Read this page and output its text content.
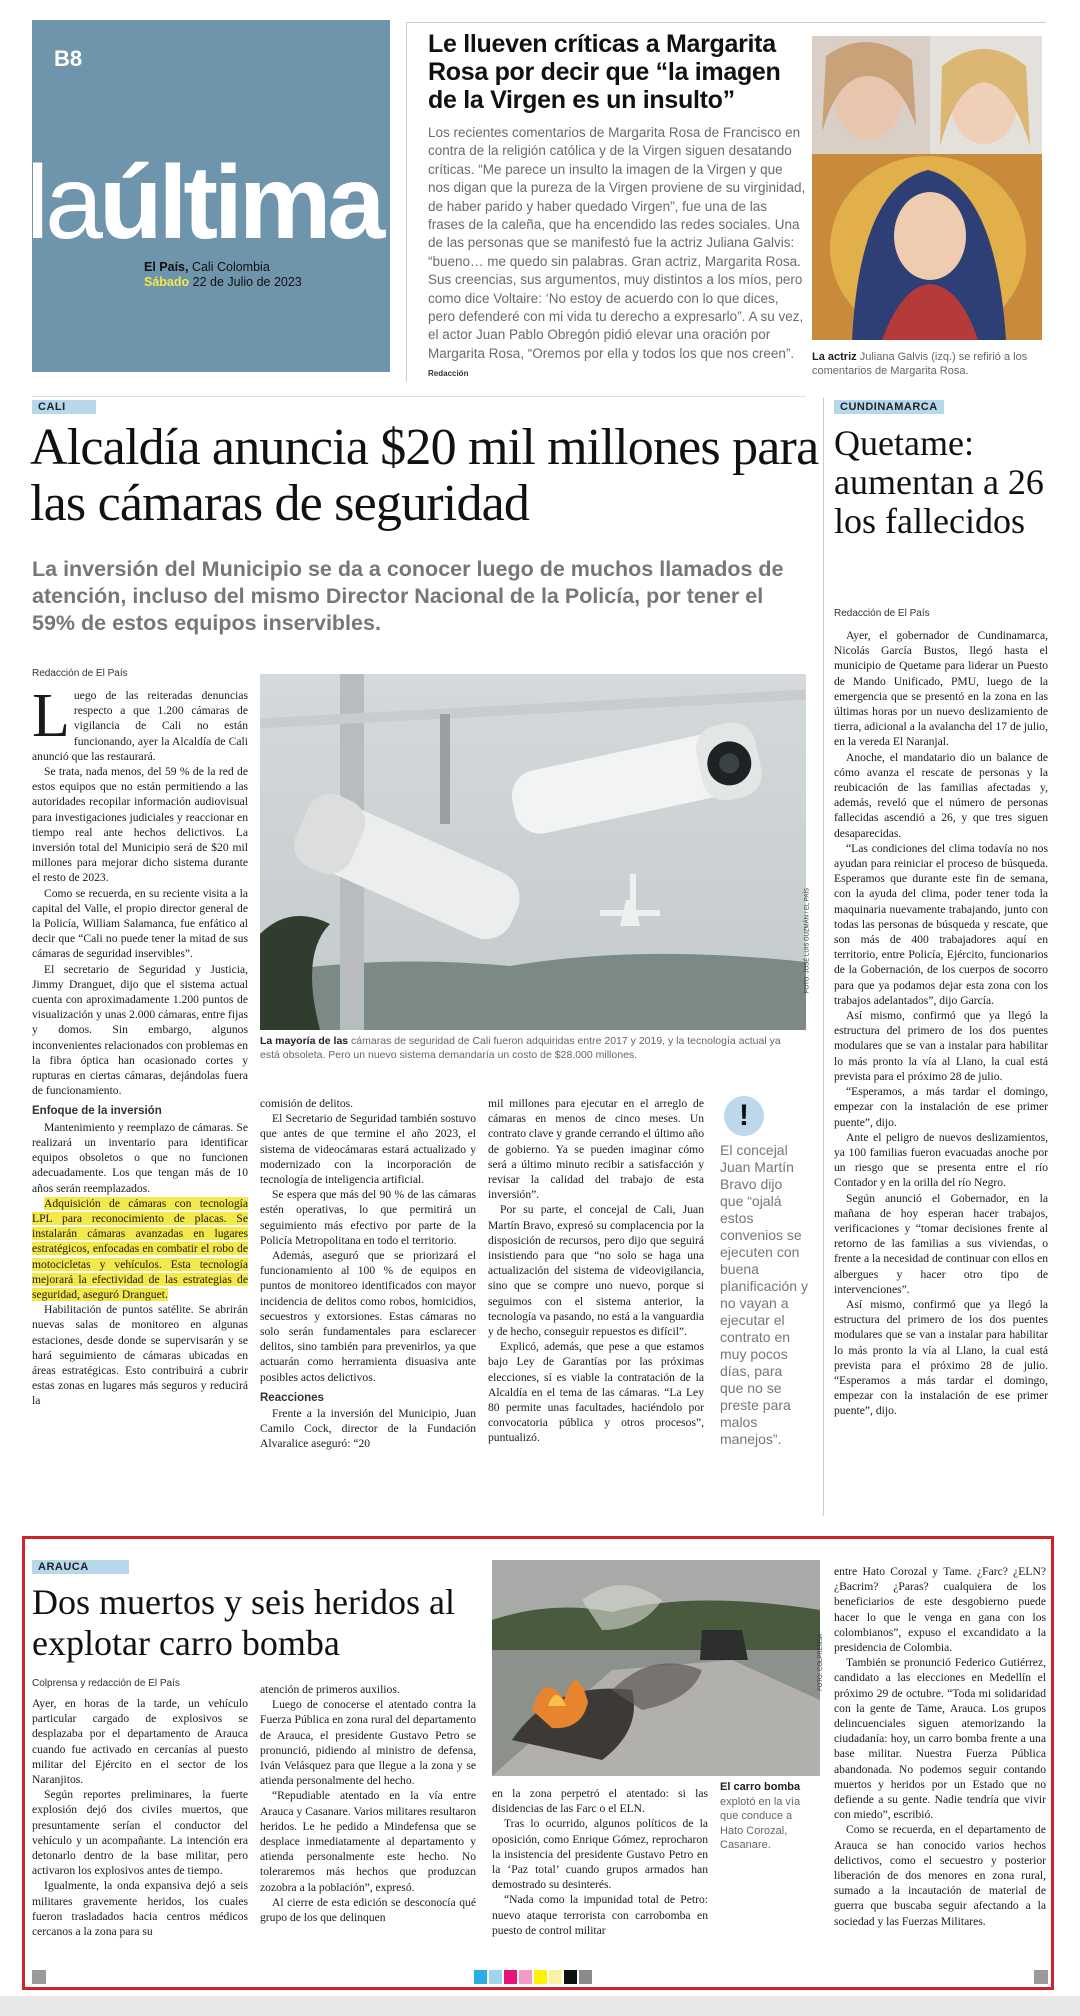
B8
laúltima
El País, Cali Colombia
Sábado 22 de Julio de 2023
Le llueven críticas a Margarita Rosa por decir que “la imagen de la Virgen es un insulto”
Los recientes comentarios de Margarita Rosa de Francisco en contra de la religión católica y de la Virgen siguen desatando críticas. “Me parece un insulto la imagen de la Virgen y que nos digan que la pureza de la Virgen proviene de su virginidad, de haber parido y haber quedado Virgen”, fue una de las frases de la caleña, que ha encendido las redes sociales. Una de las personas que se manifestó fue la actriz Juliana Galvis: “bueno… me quedo sin palabras. Gran actriz, Margarita Rosa. Sus creencias, sus argumentos, muy distintos a los míos, pero como dice Voltaire: ‘No estoy de acuerdo con lo que dices, pero defenderé con mi vida tu derecho a expresarlo”. A su vez, el actor Juan Pablo Obregón pidió elevar una oración por Margarita Rosa, “Oremos por ella y todos los que nos creen”. Redacción
La actriz Juliana Galvis (izq.) se refirió a los comentarios de Margarita Rosa.
CALI
Alcaldía anuncia $20 mil millones para las cámaras de seguridad
La inversión del Municipio se da a conocer luego de muchos llamados de atención, incluso del mismo Director Nacional de la Policía, por tener el 59% de estos equipos inservibles.
Redacción de El País

Luego de las reiteradas denuncias respecto a que 1.200 cámaras de vigilancia de Cali no están funcionando, ayer la Alcaldía de Cali anunció que las restaurará.

Se trata, nada menos, del 59 % de la red de estos equipos que no están permitiendo a las autoridades recopilar información audiovisual para investigaciones judiciales y reaccionar en tiempo real ante hechos delictivos. La inversión total del Municipio será de $20 mil millones para mejorar dicho sistema durante el resto de 2023.

Como se recuerda, en su reciente visita a la capital del Valle, el propio director general de la Policía, William Salamanca, fue enfático al decir que “Cali no puede tener la mitad de sus cámaras de seguridad inservibles”.

El secretario de Seguridad y Justicia, Jimmy Dranguet, dijo que el sistema actual cuenta con aproximadamente 1.200 puntos de visualización y unas 2.000 cámaras, entre fijas y domos. Sin embargo, algunos inconvenientes relacionados con problemas en la fibra óptica han ocasionado cortes y rupturas en ciertas cámaras, dejándolas fuera de funcionamiento.

Enfoque de la inversión

Mantenimiento y reemplazo de cámaras. Se realizará un inventario para identificar equipos obsoletos o que no funcionen adecuadamente. Los que tengan más de 10 años serán reemplazados.

Adquisición de cámaras con tecnología LPL para reconocimiento de placas. Se instalarán cámaras avanzadas en lugares estratégicos, enfocadas en combatir el robo de motocicletas y vehículos. Esta tecnología mejorará la efectividad de las estrategias de seguridad, aseguró Dranguet.

Habilitación de puntos satélite. Se abrirán nuevas salas de monitoreo en algunas estaciones, desde donde se supervisarán y se hará seguimiento de cámaras ubicadas en áreas estratégicas. Esto contribuirá a cubrir estas zonas en lugares más seguros y reducirá la

FOTO: JOSÉ LUIS GUZMÁN / EL PAÍS
La mayoría de las cámaras de seguridad de Cali fueron adquiridas entre 2017 y 2019, y la tecnología actual ya está obsoleta. Pero un nuevo sistema demandaría un costo de $28.000 millones.

comisión de delitos.

El Secretario de Seguridad también sostuvo que antes de que termine el año 2023, el sistema de videocámaras estará actualizado y modernizado con la incorporación de tecnología de inteligencia artificial.

Se espera que más del 90 % de las cámaras estén operativas, lo que permitirá un seguimiento más efectivo por parte de la Policía Metropolitana en todo el territorio.

Además, aseguró que se priorizará el funcionamiento al 100 % de equipos en puntos de monitoreo identificados con mayor incidencia de delitos como robos, homicidios, secuestros y extorsiones. Estas cámaras no solo serán fundamentales para esclarecer delitos, sino también para prevenirlos, ya que actuarán como herramienta disuasiva ante posibles actos delictivos.

Reacciones

Frente a la inversión del Municipio, Juan Camilo Cock, director de la Fundación Alvaralice aseguró: “20

mil millones para ejecutar en el arreglo de cámaras en menos de cinco meses. Un contrato clave y grande cerrando el último año de gobierno. Ya se pueden imaginar cómo será a último minuto recibir a satisfacción y revisar la calidad del trabajo de esta inversión”.

Por su parte, el concejal de Cali, Juan Martín Bravo, expresó su complacencia por la disposición de recursos, pero dijo que seguirá insistiendo para que “no solo se haga una actualización del sistema de videovigilancia, sino que se compre uno nuevo, porque si seguimos con el sistema anterior, la tecnología va pasando, no está a la vanguardia y de hecho, conseguir repuestos es difícil”.

Explicó, además, que pese a que estamos bajo Ley de Garantías por las próximas elecciones, sí es viable la contratación de la Alcaldía en el tema de las cámaras. “La Ley 80 permite unas facultades, haciéndolo por convocatoria pública y otros procesos”, puntualizó.

!
El concejal Juan Martín Bravo dijo que “ojalá estos convenios se ejecuten con buena planificación y no vayan a ejecutar el contrato en muy pocos días, para que no se preste para malos manejos”.
CUNDINAMARCA
Quetame: aumentan a 26 los fallecidos
Redacción de El País

Ayer, el gobernador de Cundinamarca, Nicolás García Bustos, llegó hasta el municipio de Quetame para liderar un Puesto de Mando Unificado, PMU, luego de la emergencia que se presentó en la zona en las últimas horas por un nuevo deslizamiento de tierra, adicional a la avalancha del 17 de julio, en la vereda El Naranjal.

Anoche, el mandatario dio un balance de cómo avanza el rescate de personas y la reubicación de las familias afectadas y, además, reveló que el número de personas fallecidas ascendió a 26, y que tres siguen desaparecidas.

“Las condiciones del clima todavía no nos ayudan para reiniciar el proceso de búsqueda. Esperamos que durante este fin de semana, con la ayuda del clima, poder tener toda la maquinaria nuevamente trabajando, junto con todas las personas de búsqueda y rescate, que son más de 400 trabajadores aquí en territorio, entre Policía, Ejército, funcionarios de la Gobernación, de los cuerpos de socorro para que ya podamos dejar esta zona con los trabajos adelantados”, dijo García.

Así mismo, confirmó que ya llegó la estructura del primero de los dos puentes modulares que se van a instalar para habilitar lo más pronto la vía al Llano, la cual está prevista para el próximo 28 de julio.

“Esperamos, a más tardar el domingo, empezar con la instalación de ese primer puente”, dijo.

Ante el peligro de nuevos deslizamientos, ya 100 familias fueron evacuadas anoche por un riesgo que se presenta entre el río Contador y en la orilla del río Negro.

Según anunció el Gobernador, en la mañana de hoy esperan hacer trabajos, verificaciones y “tomar decisiones frente al retorno de las familias a sus viviendas, o frente a la necesidad de continuar con ellos en albergues y hacer otro tipo de intervenciones”.

Así mismo, confirmó que ya llegó la estructura del primero de los dos puentes modulares que se van a instalar para habilitar lo más pronto la vía al Llano, la cual está prevista para el próximo 28 de julio. “Esperamos a más tardar el domingo, empezar con la instalación de ese primer puente”, dijo.

ARAUCA
Dos muertos y seis heridos al explotar carro bomba
Colprensa y redacción de El País

Ayer, en horas de la tarde, un vehículo particular cargado de explosivos se desplazaba por el departamento de Arauca cuando fue activado en cercanías al puesto militar del Ejército en el sector de los Naranjitos.

Según reportes preliminares, la fuerte explosión dejó dos civiles muertos, que presuntamente serían el conductor del vehículo y un acompañante. La intención era detonarlo dentro de la base militar, pero activaron los explosivos antes de tiempo.

Igualmente, la onda expansiva dejó a seis militares gravemente heridos, los cuales fueron trasladados hacia centros médicos cercanos a la zona para su

atención de primeros auxilios.

Luego de conocerse el atentado contra la Fuerza Pública en zona rural del departamento de Arauca, el presidente Gustavo Petro se pronunció, pidiendo al ministro de defensa, Iván Velásquez para que llegue a la zona y se atienda personalmente del hecho.

“Repudiable atentado en la vía entre Arauca y Casanare. Varios militares resultaron heridos. Le he pedido a Mindefensa que se desplace inmediatamente al departamento y atienda personalmente este hecho. No toleraremos más hechos que produzcan zozobra a la población”, expresó.

Al cierre de esta edición se desconocía qué grupo de los que delinquen

FOTO: COLPRENSA

en la zona perpetró el atentado: si las disidencias de las Farc o el ELN.

Tras lo ocurrido, algunos políticos de la oposición, como Enrique Gómez, reprocharon la insistencia del presidente Gustavo Petro en la ‘Paz total’ cuando grupos armados han demostrado su desinterés.

“Nada como la impunidad total de Petro: nuevo ataque terrorista con carrobomba en puesto de control militar

El carro bomba explotó en la vía que conduce a Hato Corozal, Casanare.

entre Hato Corozal y Tame. ¿Farc? ¿ELN? ¿Bacrim? ¿Paras? cualquiera de los beneficiarios de este desgobierno puede hacer lo que le venga en gana con los colombianos”, expuso el excandidato a la presidencia de Colombia.

También se pronunció Federico Gutiérrez, candidato a las elecciones en Medellín el próximo 29 de octubre. “Toda mi solidaridad con la gente de Tame, Arauca. Los grupos delincuenciales siguen atemorizando la ciudadanía: hoy, un carro bomba frente a una base militar. Nuestra Fuerza Pública abandonada. No podemos seguir contando muertos y heridos por un Estado que no defiende a su gente. Nadie tendría que vivir con miedo”, escribió.

Como se recuerda, en el departamento de Arauca se han conocido varios hechos delictivos, como el secuestro y posterior liberación de dos menores en zona rural, sumado a la incautación de material de guerra que buscaba seguir afectando a la sociedad y las Fuerzas Militares.
